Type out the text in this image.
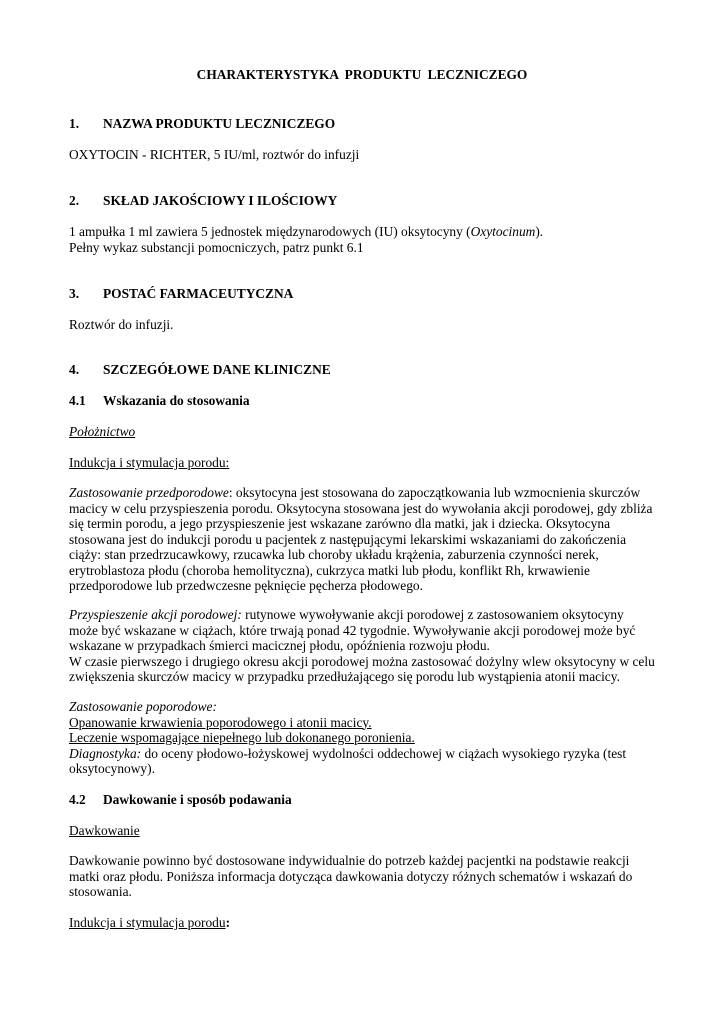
CHARAKTERYSTYKA PRODUKTU LECZNICZEGO
1. NAZWA PRODUKTU LECZNICZEGO
OXYTOCIN - RICHTER, 5 IU/ml, roztwór do infuzji
2. SKŁAD JAKOŚCIOWY I ILOŚCIOWY
1 ampułka 1 ml zawiera 5 jednostek międzynarodowych (IU) oksytocyny (Oxytocinum).
Pełny wykaz substancji pomocniczych, patrz punkt 6.1
3. POSTAĆ FARMACEUTYCZNA
Roztwór do infuzji.
4. SZCZEGÓŁOWE DANE KLINICZNE
4.1 Wskazania do stosowania
Położnictwo
Indukcja i stymulacja porodu:
Zastosowanie przedporodowe: oksytocyna jest stosowana do zapoczątkowania lub wzmocnienia skurczów
macicy w celu przyspieszenia porodu. Oksytocyna stosowana jest do wywołania akcji porodowej, gdy zbliża
się termin porodu, a jego przyspieszenie jest wskazane zarówno dla matki, jak i dziecka. Oksytocyna
stosowana jest do indukcji porodu u pacjentek z następującymi lekarskimi wskazaniami do zakończenia
ciąży: stan przedrzucawkowy, rzucawka lub choroby układu krążenia, zaburzenia czynności nerek,
erytroblastoza płodu (choroba hemolityczna), cukrzyca matki lub płodu, konflikt Rh, krwawienie
przedporodowe lub przedwczesne pęknięcie pęcherza płodowego.
Przyspieszenie akcji porodowej: rutynowe wywoływanie akcji porodowej z zastosowaniem oksytocyny
może być wskazane w ciążach, które trwają ponad 42 tygodnie. Wywoływanie akcji porodowej może być
wskazane w przypadkach śmierci macicznej płodu, opóźnienia rozwoju płodu.
W czasie pierwszego i drugiego okresu akcji porodowej można zastosować dożylny wlew oksytocyny w celu
zwiększenia skurczów macicy w przypadku przedłużającego się porodu lub wystąpienia atonii macicy.
Zastosowanie poporodowe:
Opanowanie krwawienia poporodowego i atonii macicy.
Leczenie wspomagające niepełnego lub dokonanego poronienia.
Diagnostyka: do oceny płodowo-łożyskowej wydolności oddechowej w ciążach wysokiego ryzyka (test
oksytocynowy).
4.2 Dawkowanie i sposób podawania
Dawkowanie
Dawkowanie powinno być dostosowane indywidualnie do potrzeb każdej pacjentki na podstawie reakcji
matki oraz płodu. Poniższa informacja dotycząca dawkowania dotyczy różnych schematów i wskazań do
stosowania.
Indukcja i stymulacja porodu:
